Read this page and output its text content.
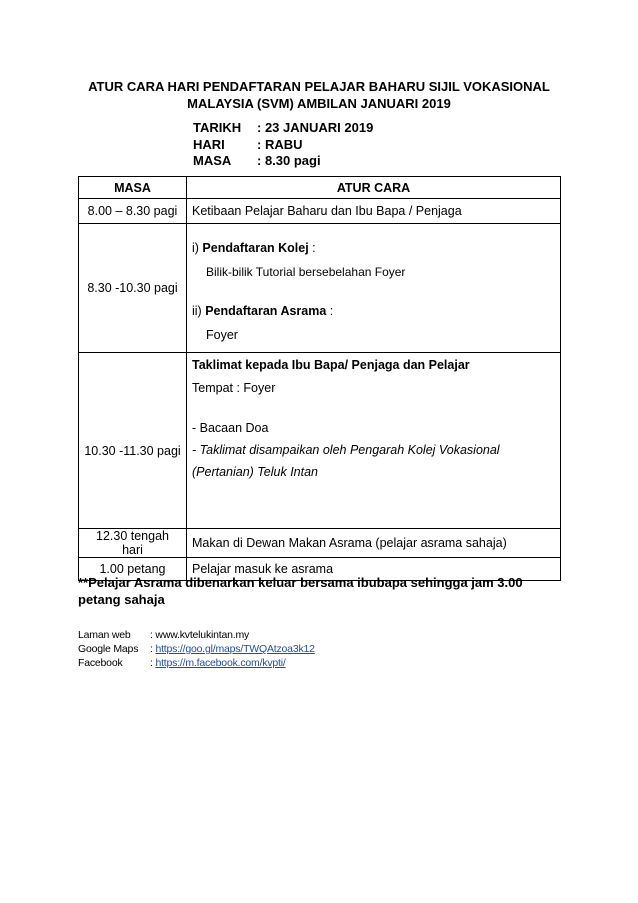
ATUR CARA HARI PENDAFTARAN PELAJAR BAHARU SIJIL VOKASIONAL
MALAYSIA (SVM) AMBILAN JANUARI 2019
TARIKH	: 23 JANUARI 2019
HARI	: RABU
MASA	: 8.30 pagi
MASA	ATUR CARA
8.00 – 8.30 pagi	Ketibaan Pelajar Baharu dan Ibu Bapa / Penjaga
8.30 -10.30 pagi	i) Pendaftaran Kolej :
Bilik-bilik Tutorial bersebelahan Foyer
ii) Pendaftaran Asrama :
Foyer

10.30 -11.30 pagi	Taklimat kepada Ibu Bapa/ Penjaga dan Pelajar
Tempat : Foyer
- Bacaan Doa
- Taklimat disampaikan oleh Pengarah Kolej Vokasional
(Pertanian) Teluk Intan

12.30 tengah hari	Makan di Dewan Makan Asrama (pelajar asrama sahaja)
1.00 petang	Pelajar masuk ke asrama
**Pelajar Asrama dibenarkan keluar bersama ibubapa sehingga jam 3.00
petang sahaja
Laman web	: www.kvtelukintan.my
Google Maps	:
https://goo.gl/maps/TWQAtzoa3k12
Facebook	:
https://m.facebook.com/kvpti/
